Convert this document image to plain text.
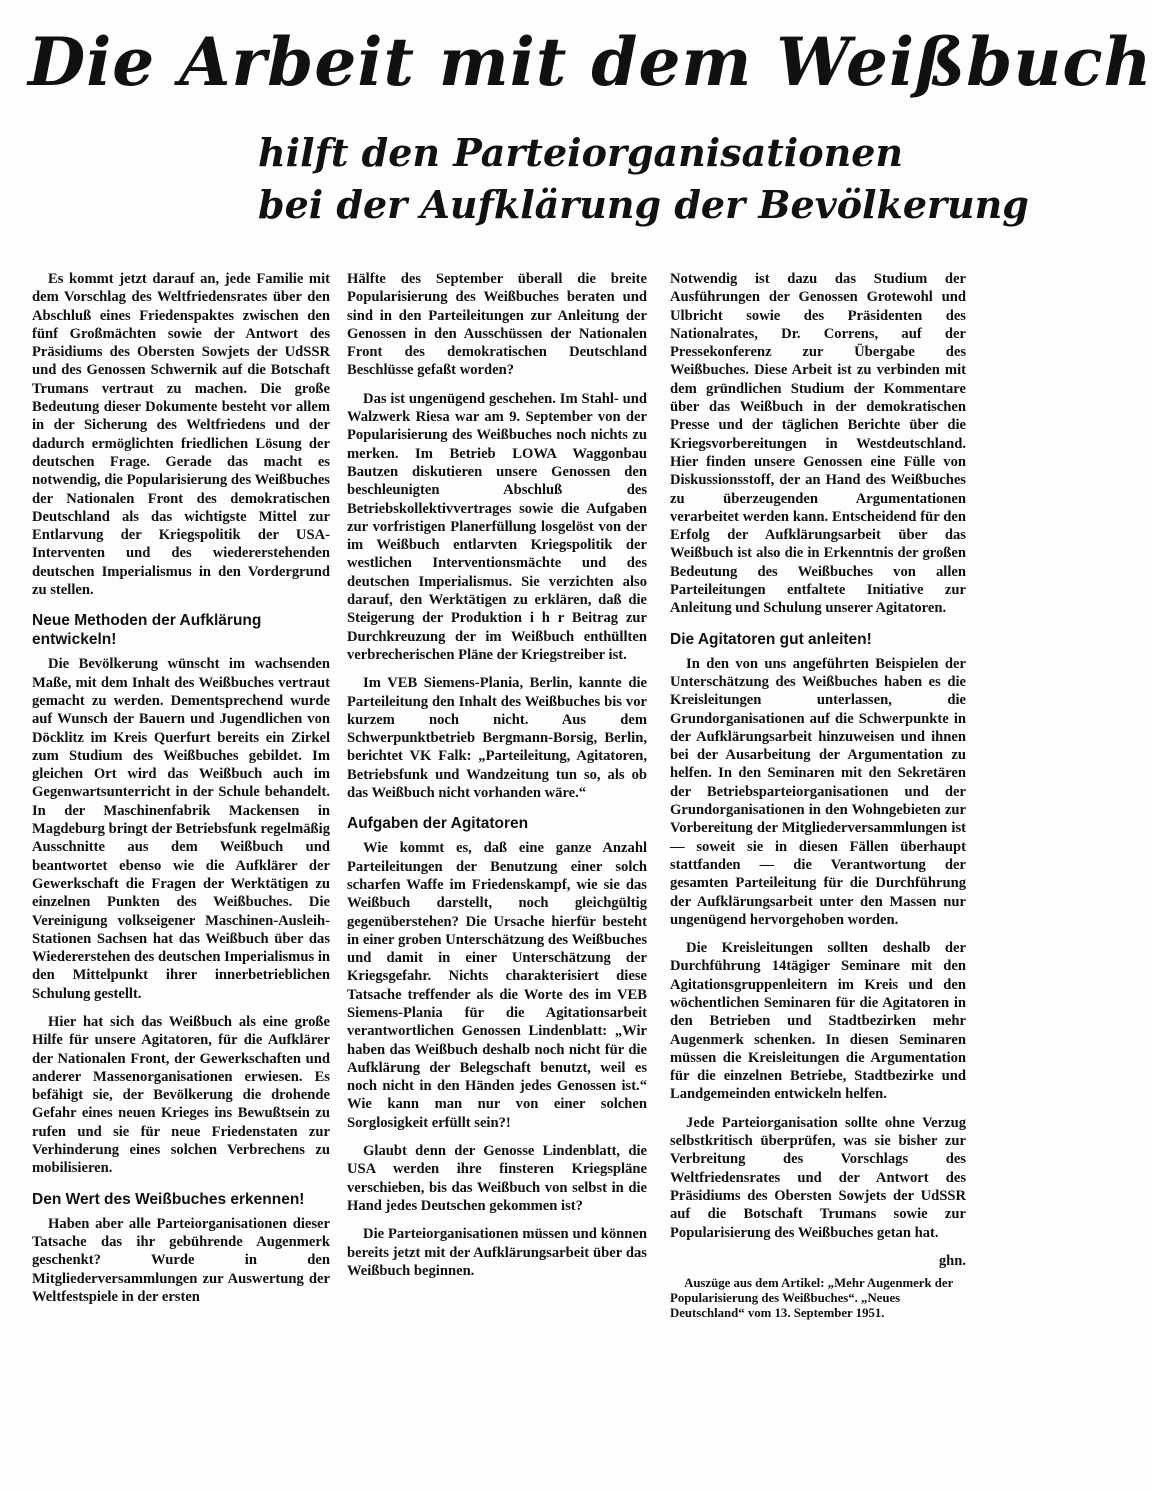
Die Arbeit mit dem Weißbuch
hilft den Parteiorganisationen
bei der Aufklärung der Bevölkerung

Es kommt jetzt darauf an, jede Familie mit dem Vorschlag des Weltfriedensrates über den Abschluß eines Friedenspaktes zwischen den fünf Großmächten sowie der Antwort des Präsidiums des Obersten Sowjets der UdSSR und des Genossen Schwernik auf die Botschaft Trumans vertraut zu machen. Die große Bedeutung dieser Dokumente besteht vor allem in der Sicherung des Weltfriedens und der dadurch ermöglichten friedlichen Lösung der deutschen Frage. Gerade das macht es notwendig, die Popularisierung des Weißbuches der Nationalen Front des demokratischen Deutschland als das wichtigste Mittel zur Entlarvung der Kriegspolitik der USA-Interventen und des wiedererstehenden deutschen Imperialismus in den Vordergrund zu stellen.

Neue Methoden der Aufklärung entwickeln!

Die Bevölkerung wünscht im wachsenden Maße, mit dem Inhalt des Weißbuches vertraut gemacht zu werden. Dementsprechend wurde auf Wunsch der Bauern und Jugendlichen von Döcklitz im Kreis Querfurt bereits ein Zirkel zum Studium des Weißbuches gebildet. Im gleichen Ort wird das Weißbuch auch im Gegenwartsunterricht in der Schule behandelt. In der Maschinenfabrik Mackensen in Magdeburg bringt der Betriebsfunk regelmäßig Ausschnitte aus dem Weißbuch und beantwortet ebenso wie die Aufklärer der Gewerkschaft die Fragen der Werktätigen zu einzelnen Punkten des Weißbuches. Die Vereinigung volkseigener Maschinen-Ausleih-Stationen Sachsen hat das Weißbuch über das Wiedererstehen des deutschen Imperialismus in den Mittelpunkt ihrer innerbetrieblichen Schulung gestellt.

Hier hat sich das Weißbuch als eine große Hilfe für unsere Agitatoren, für die Aufklärer der Nationalen Front, der Gewerkschaften und anderer Massenorganisationen erwiesen. Es befähigt sie, der Bevölkerung die drohende Gefahr eines neuen Krieges ins Bewußtsein zu rufen und sie für neue Friedenstaten zur Verhinderung eines solchen Verbrechens zu mobilisieren.

Den Wert des Weißbuches erkennen!

Haben aber alle Parteiorganisationen dieser Tatsache das ihr gebührende Augenmerk geschenkt? Wurde in den Mitgliederversammlungen zur Auswertung der Weltfestspiele in der ersten

Hälfte des September überall die breite Popularisierung des Weißbuches beraten und sind in den Parteileitungen zur Anleitung der Genossen in den Ausschüssen der Nationalen Front des demokratischen Deutschland Beschlüsse gefaßt worden?

Das ist ungenügend geschehen. Im Stahl- und Walzwerk Riesa war am 9. September von der Popularisierung des Weißbuches noch nichts zu merken. Im Betrieb LOWA Waggonbau Bautzen diskutieren unsere Genossen den beschleunigten Abschluß des Betriebskollektivvertrages sowie die Aufgaben zur vorfristigen Planerfüllung losgelöst von der im Weißbuch entlarvten Kriegspolitik der westlichen Interventionsmächte und des deutschen Imperialismus. Sie verzichten also darauf, den Werktätigen zu erklären, daß die Steigerung der Produktion i h r Beitrag zur Durchkreuzung der im Weißbuch enthüllten verbrecherischen Pläne der Kriegstreiber ist.

Im VEB Siemens-Plania, Berlin, kannte die Parteileitung den Inhalt des Weißbuches bis vor kurzem noch nicht. Aus dem Schwerpunktbetrieb Bergmann-Borsig, Berlin, berichtet VK Falk: „Parteileitung, Agitatoren, Betriebsfunk und Wandzeitung tun so, als ob das Weißbuch nicht vorhanden wäre.“

Aufgaben der Agitatoren

Wie kommt es, daß eine ganze Anzahl Parteileitungen der Benutzung einer solch scharfen Waffe im Friedenskampf, wie sie das Weißbuch darstellt, noch gleichgültig gegenüberstehen? Die Ursache hierfür besteht in einer groben Unterschätzung des Weißbuches und damit in einer Unterschätzung der Kriegsgefahr. Nichts charakterisiert diese Tatsache treffender als die Worte des im VEB Siemens-Plania für die Agitationsarbeit verantwortlichen Genossen Lindenblatt: „Wir haben das Weißbuch deshalb noch nicht für die Aufklärung der Belegschaft benutzt, weil es noch nicht in den Händen jedes Genossen ist.“ Wie kann man nur von einer solchen Sorglosigkeit erfüllt sein?!

Glaubt denn der Genosse Lindenblatt, die USA werden ihre finsteren Kriegspläne verschieben, bis das Weißbuch von selbst in die Hand jedes Deutschen gekommen ist?

Die Parteiorganisationen müssen und können bereits jetzt mit der Aufklärungsarbeit über das Weißbuch beginnen.

Notwendig ist dazu das Studium der Ausführungen der Genossen Grotewohl und Ulbricht sowie des Präsidenten des Nationalrates, Dr. Correns, auf der Pressekonferenz zur Übergabe des Weißbuches. Diese Arbeit ist zu verbinden mit dem gründlichen Studium der Kommentare über das Weißbuch in der demokratischen Presse und der täglichen Berichte über die Kriegsvorbereitungen in Westdeutschland. Hier finden unsere Genossen eine Fülle von Diskussionsstoff, der an Hand des Weißbuches zu überzeugenden Argumentationen verarbeitet werden kann. Entscheidend für den Erfolg der Aufklärungsarbeit über das Weißbuch ist also die in Erkenntnis der großen Bedeutung des Weißbuches von allen Parteileitungen entfaltete Initiative zur Anleitung und Schulung unserer Agitatoren.

Die Agitatoren gut anleiten!

In den von uns angeführten Beispielen der Unterschätzung des Weißbuches haben es die Kreisleitungen unterlassen, die Grundorganisationen auf die Schwerpunkte in der Aufklärungsarbeit hinzuweisen und ihnen bei der Ausarbeitung der Argumentation zu helfen. In den Seminaren mit den Sekretären der Betriebsparteiorganisationen und der Grundorganisationen in den Wohngebieten zur Vorbereitung der Mitgliederversammlungen ist — soweit sie in diesen Fällen überhaupt stattfanden — die Verantwortung der gesamten Parteileitung für die Durchführung der Aufklärungsarbeit unter den Massen nur ungenügend hervorgehoben worden.

Die Kreisleitungen sollten deshalb der Durchführung 14tägiger Seminare mit den Agitationsgruppenleitern im Kreis und den wöchentlichen Seminaren für die Agitatoren in den Betrieben und Stadtbezirken mehr Augenmerk schenken. In diesen Seminaren müssen die Kreisleitungen die Argumentation für die einzelnen Betriebe, Stadtbezirke und Landgemeinden entwickeln helfen.

Jede Parteiorganisation sollte ohne Verzug selbstkritisch überprüfen, was sie bisher zur Verbreitung des Vorschlags des Weltfriedensrates und der Antwort des Präsidiums des Obersten Sowjets der UdSSR auf die Botschaft Trumans sowie zur Popularisierung des Weißbuches getan hat.

ghn.
Auszüge aus dem Artikel: „Mehr Augenmerk der Popularisierung des Weißbuches“. „Neues Deutschland“ vom 13. September 1951.
